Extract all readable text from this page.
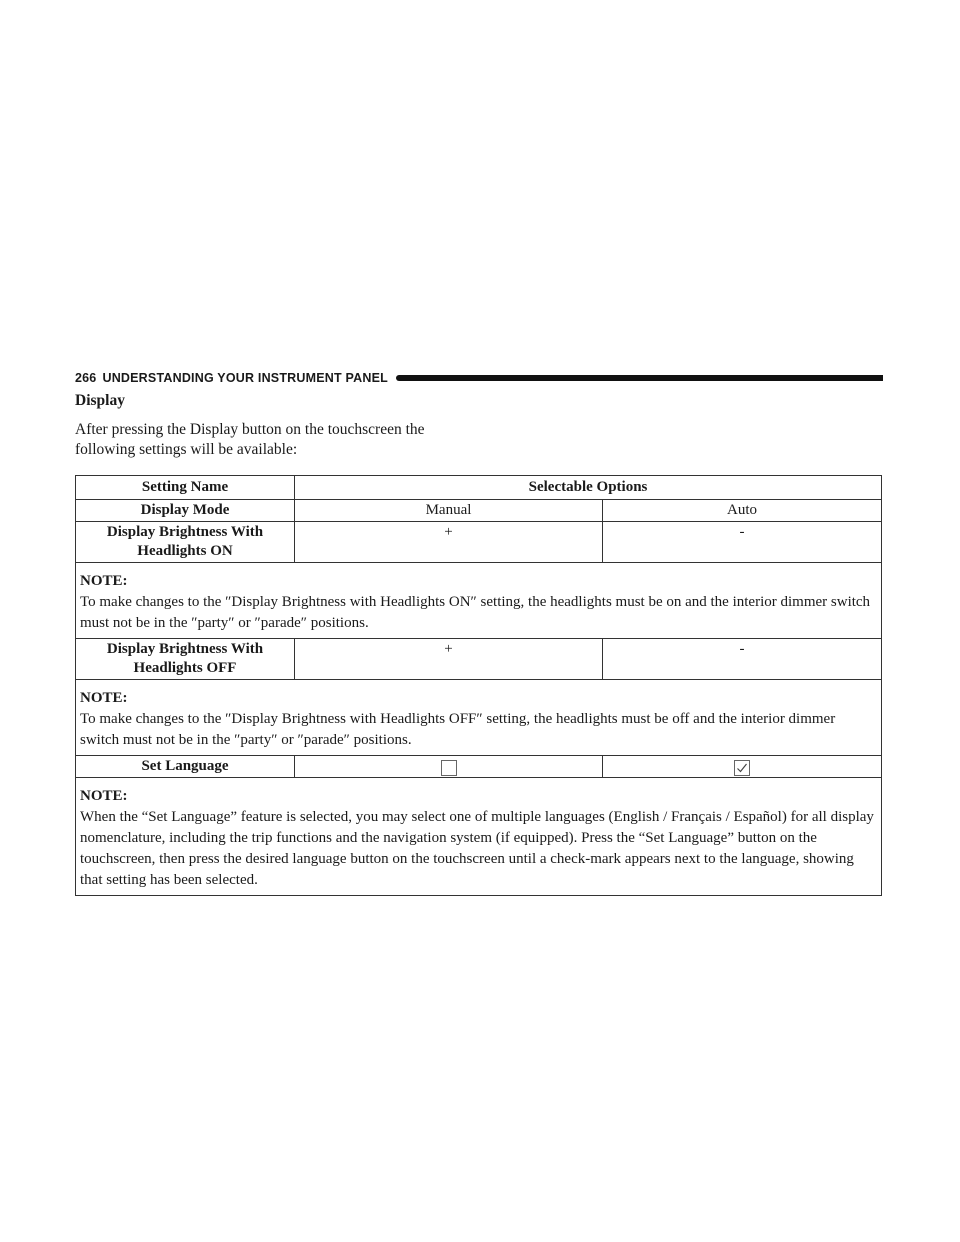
266 UNDERSTANDING YOUR INSTRUMENT PANEL
Display

After pressing the Display button on the touchscreen the following settings will be available:

Setting Name	Selectable Options	
Display Mode	Manual	Auto
Display Brightness With Headlights ON	+	-

NOTE:
To make changes to the ″Display Brightness with Headlights ON″ setting, the headlights must be on and the interior dimmer switch must not be in the ″party″ or ″parade″ positions.		
Display Brightness With Headlights OFF	+	-

NOTE:
To make changes to the ″Display Brightness with Headlights OFF″ setting, the headlights must be off and the interior dimmer switch must not be in the ″party″ or ″parade″ positions.		
Set Language		

NOTE:
When the “Set Language” feature is selected, you may select one of multiple languages (English / Français / Español) for all display nomenclature, including the trip functions and the navigation system (if equipped). Press the “Set Language” button on the touchscreen, then press the desired language button on the touchscreen until a check-mark appears next to the language, showing that setting has been selected.		
